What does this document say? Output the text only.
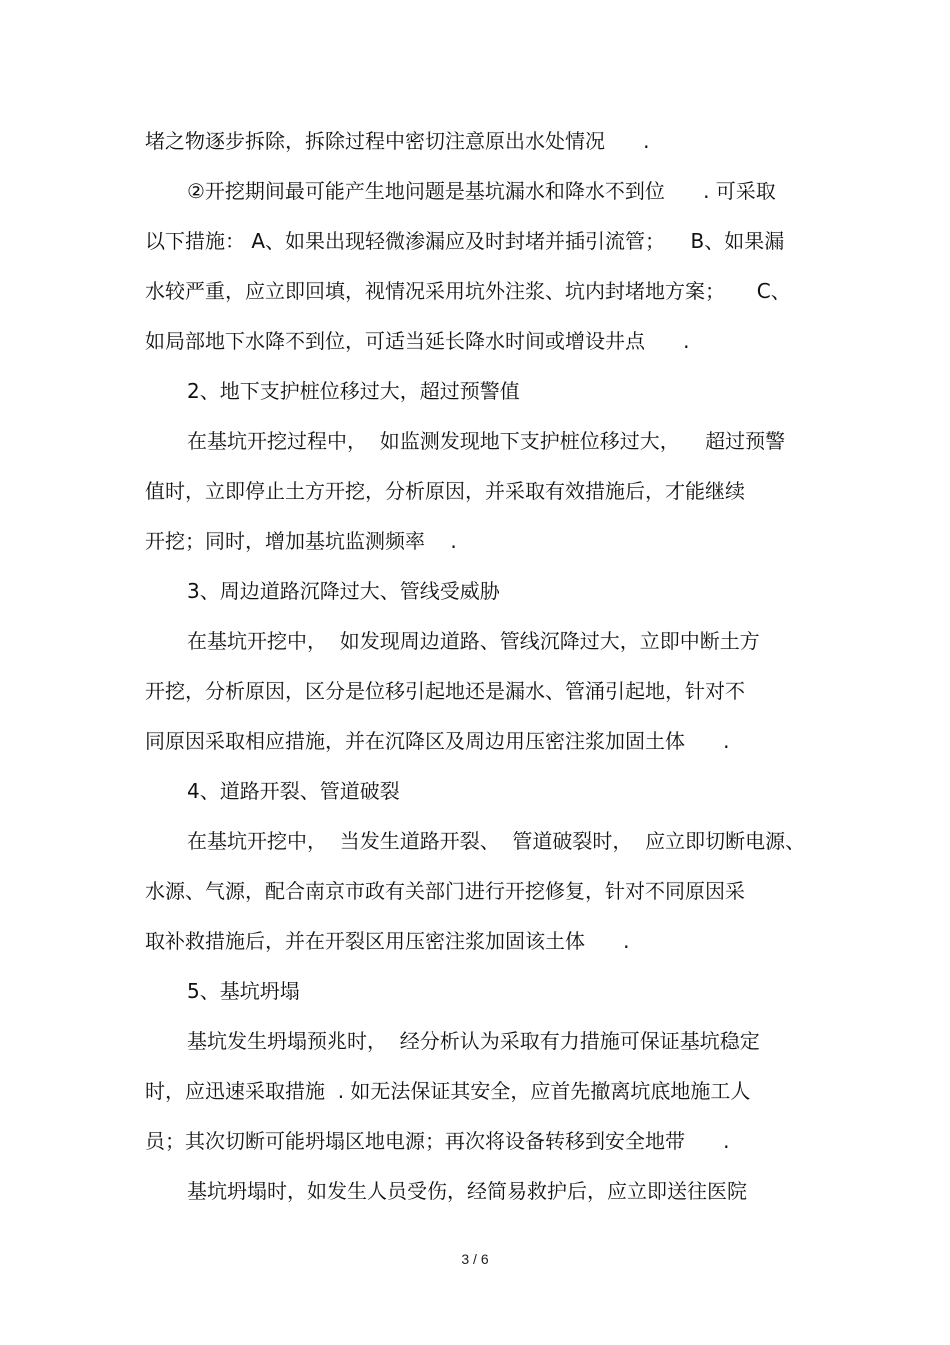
堵之物逐步拆除，拆除过程中密切注意原出水处情况      .
②开挖期间最可能产生地问题是基坑漏水和降水不到位      . 可采取
以下措施： A、如果出现轻微渗漏应及时封堵并插引流管；    B、如果漏
水较严重，应立即回填，视情况采用坑外注浆、坑内封堵地方案；     C、
如局部地下水降不到位，可适当延长降水时间或增设井点      .
2、地下支护桩位移过大，超过预警值
在基坑开挖过程中，  如监测发现地下支护桩位移过大，    超过预警
值时，立即停止土方开挖，分析原因，并采取有效措施后，才能继续
开挖；同时，增加基坑监测频率    .
3、周边道路沉降过大、管线受威胁
在基坑开挖中，  如发现周边道路、管线沉降过大，立即中断土方
开挖，分析原因，区分是位移引起地还是漏水、管涌引起地，针对不
同原因采取相应措施，并在沉降区及周边用压密注浆加固土体      .
4、道路开裂、管道破裂
在基坑开挖中，  当发生道路开裂、  管道破裂时，  应立即切断电源、
水源、气源，配合南京市政有关部门进行开挖修复，针对不同原因采
取补救措施后，并在开裂区用压密注浆加固该土体      .
5、基坑坍塌
基坑发生坍塌预兆时，  经分析认为采取有力措施可保证基坑稳定
时，应迅速采取措施  . 如无法保证其安全，应首先撤离坑底地施工人
员；其次切断可能坍塌区地电源；再次将设备转移到安全地带      .
基坑坍塌时，如发生人员受伤，经简易救护后，应立即送往医院
3 / 6
